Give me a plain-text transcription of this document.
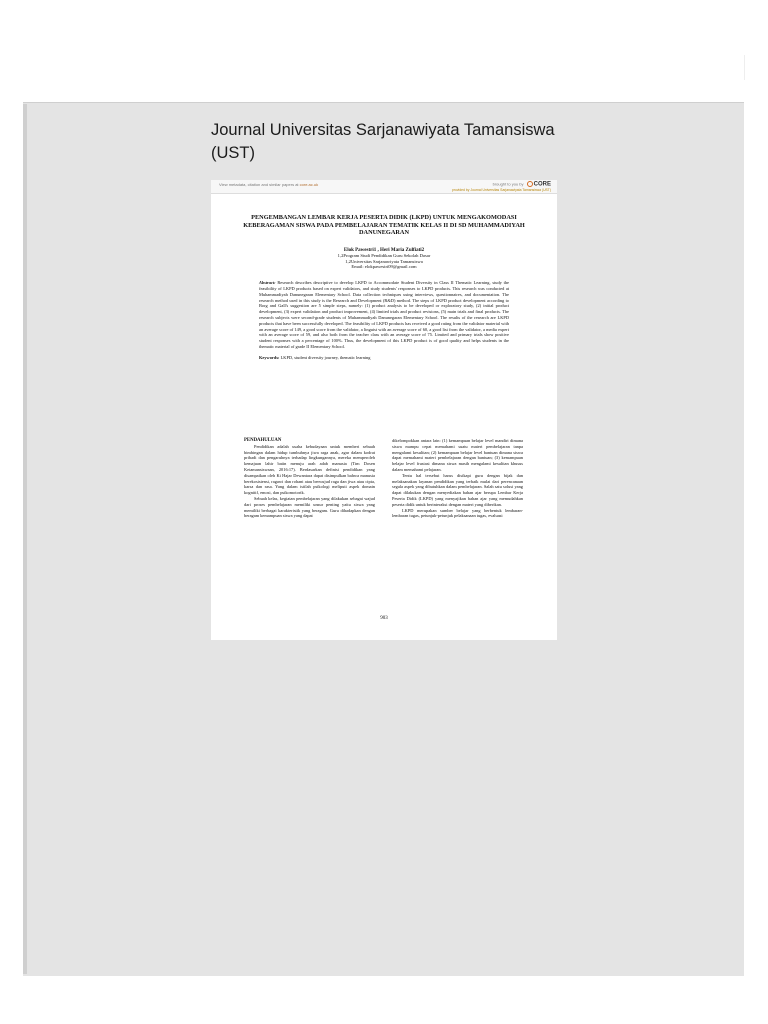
Journal Universitas Sarjanawiyata Tamansiswa (UST)
View metadata, citation and similar papers at core.ac.uk	brought to you by CORE
provided by Journal Universitas Sarjanawiyata Tamansiswa (UST)
PENGEMBANGAN LEMBAR KERJA PESERTA DIDIK (LKPD) UNTUK MENGAKOMODASI KEBERAGAMAN SISWA PADA PEMBELAJARAN TEMATIK KELAS II DI SD MUHAMMADIYAH DANUNEGARAN
Elok Pawestri1 , Heri Maria Zulfiati2
1,2Program Studi Pendidikan Guru Sekolah Dasar
1,2Universitas Sarjanawiyata Tamansiswa
Email: elokpawestri09@gmail.com
Abstract: Research describes descriptive to develop LKPD to Accommodate Student Diversity in Class II Thematic Learning, study the feasibility of LKPD products based on expert validators, and study students' responses to LKPD products. This research was conducted at Muhammadiyah Danunegaran Elementary School. Data collection techniques using interviews, questionnaires, and documentation. The research method used in this study is the Research and Development (R&D) method. The steps of LKPD product development according to Borg and Gall's suggestion are 5 simple steps, namely: (1) product analysis to be developed or exploratory study, (2) initial product development, (3) expert validation and product improvement, (4) limited trials and product revisions, (5) main trials and final products. The research subjects were second-grade students of Muhammadiyah Danunegaran Elementary School. The results of the research are LKPD products that have been successfully developed. The feasibility of LKPD products has received a good rating from the validator material with an average score of 149, a good score from the validator, a linguist with an average score of 60, a good list from the validator, a media expert with an average score of 59, and also both from the teacher class with an average score of 75. Limited and primary trials show positive student responses with a percentage of 100%. Thus, the development of this LKPD product is of good quality and helps students in the thematic material of grade II Elementary School.
Keywords: LKPD, student diversity journey, thematic learning
PENDAHULUAN

Pendidikan adalah usaha kebudayaan untuk memberi sebuah bimbingan dalam hidup tumbuhnya jiwa raga anak, agar dalam kodrat pribadi dan pengaruhnya terhadap lingkungannya, mereka memperoleh kemajuan lahir batin menuju arah adab manusia (Tim Dosen Ketamansiswaan, 2016:17). Berdasarkan definisi pendidikan yang disampaikan oleh Ki Hajar Dewantara dapat disimpulkan bahwa manusia berekosistensi, ragawi dan rohani atau berwujud raga dan jiwa atau cipta, karsa dan rasa. Yang dalam istilah psikologi meliputi aspek domain kognitif, emosi, dan psikomotorik.

Sebuah kelas, kegiatan pembelajaran yang dilakukan sebagai wajud dari proses pembelajaran memiliki unsur penting yaitu siswa yang memiliki berbagai karakteristik yang beragam. Guru dihadapkan dengan beragam kemampuan siswa yang dapat

dikelompokkan antara lain: (1) kemampuan belajar level mandiri dimana siswa mampu cepat memahami suatu materi pembelajaran tanpa mengalami kesulitan; (2) kemampuan belajar level bantuan dimana siswa dapat memahami materi pembelajaran dengan bantuan; (3) kemampuan belajar level frustasi dimana siswa masih mengalami kesulitan khusus dalam memahami pelajaran.

Tentu hal tersebut harus disikapi guru dengan bijak dan melaksanakan layanan pendidikan yang terbaik mulai dari perencanaan segala aspek yang dibutuhkan dalam pembelajaran. Salah satu solusi yang dapat dilakukan dengan menyediakan bahan ajar berupa Lembar Kerja Peserta Didik (LKPD) yang menyajikan bahan ajar yang memudahkan peserta didik untuk berinteraksi dengan materi yang diberikan.

LKPD merupakan sumber belajar yang berbentuk lembaran-lembaran tugas, petunjuk-petunjuk pelaksanaan tugas, evaluasi

903
